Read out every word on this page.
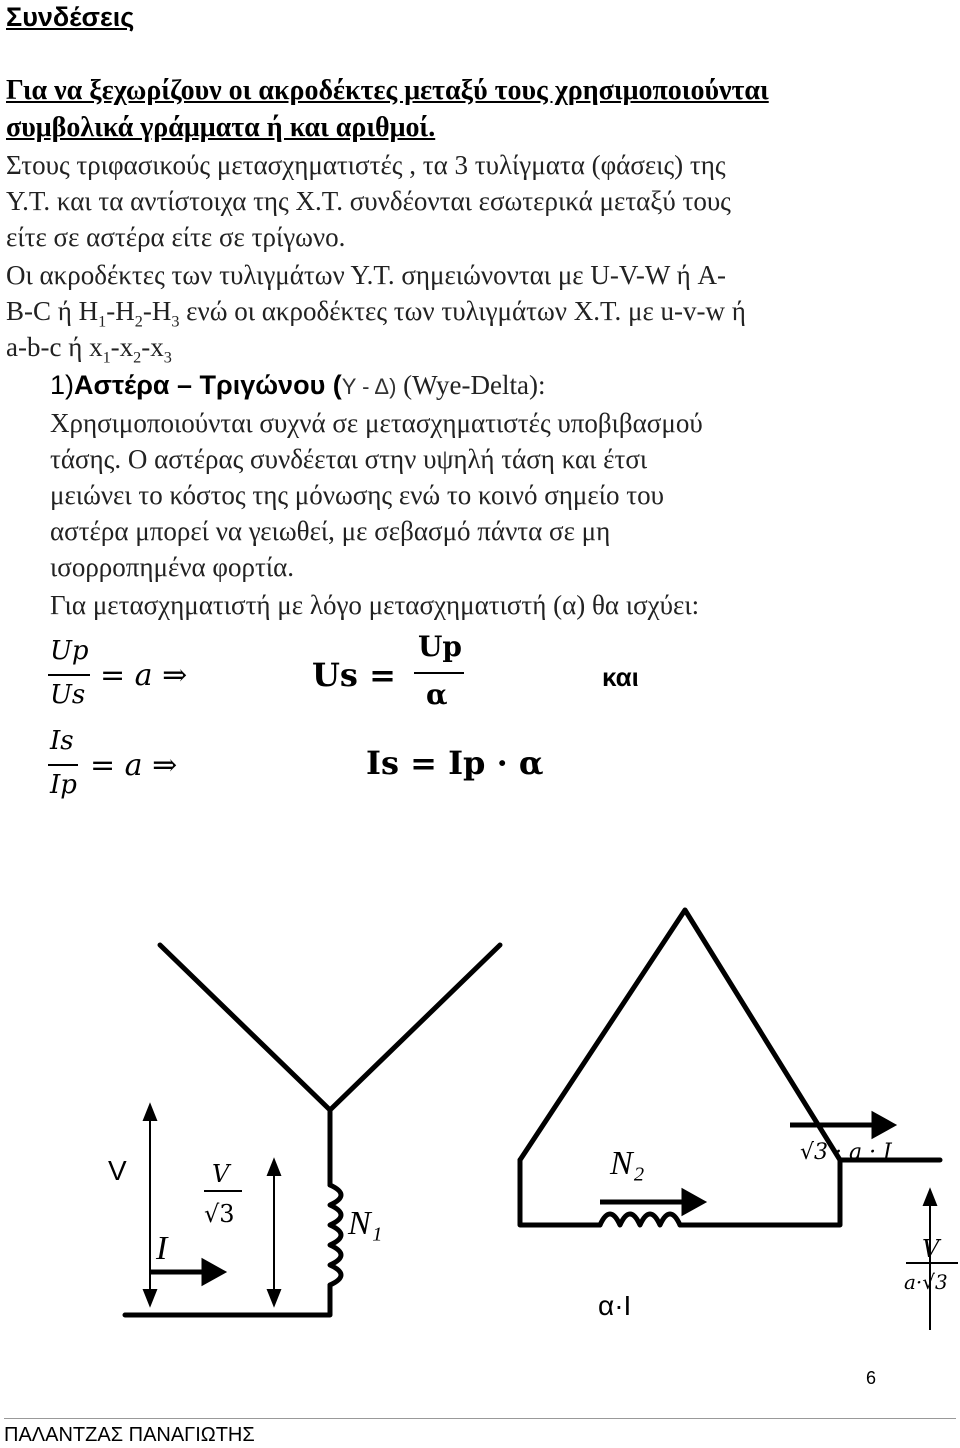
Συνδέσεις
Για να ξεχωρίζουν οι ακροδέκτες μεταξύ τους χρησιμοποιούνται
συμβολικά γράμματα ή και αριθμοί.
Στους τριφασικούς μετασχηματιστές , τα 3 τυλίγματα (φάσεις) της
Υ.Τ. και τα αντίστοιχα της Χ.Τ. συνδέονται εσωτερικά μεταξύ τους
είτε σε αστέρα είτε σε τρίγωνο.
Οι ακροδέκτες των τυλιγμάτων Υ.Τ. σημειώνονται με U-V-W ή A-
B-C ή $H_1-H_2-H_3$ ενώ οι ακροδέκτες των τυλιγμάτων Χ.Τ. με u-v-w ή
a-b-c ή $x_1-x_2-x_3$
1)Αστέρα – Τριγώνου (Υ - Δ) (Wye-Delta):
Χρησιμοποιούνται συχνά σε μετασχηματιστές υποβιβασμού
τάσης. Ο αστέρας συνδέεται στην υψηλή τάση και έτσι
μειώνει το κόστος της μόνωσης ενώ το κοινό σημείο του
αστέρα μπορεί να γειωθεί, με σεβασμό πάντα σε μη
ισορροπημένα φορτία.
Για μετασχηματιστή με λόγο μετασχηματιστή (α) θα ισχύει:
Up
Us
= a ⇒	Us =
Up
α
και
Is
Ip
= a ⇒	Is = Ip · α
V	V
√3	N₁
N₂
I
α·I
√3 · a · I
V
a·√3
6
ΠΑΛΑΝΤΖΑΣ ΠΑΝΑΓΙΩΤΗΣ
